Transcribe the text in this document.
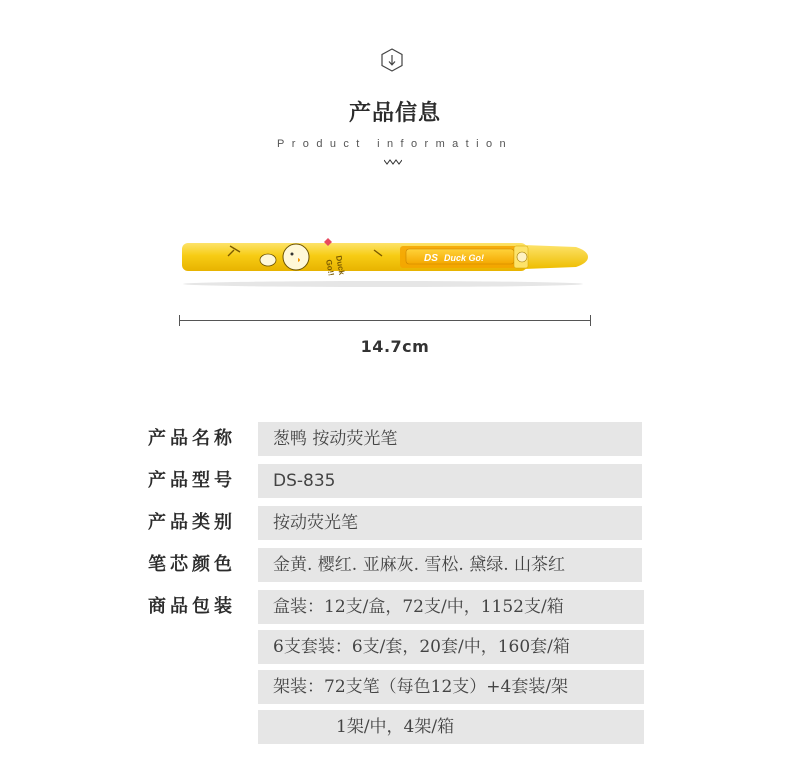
产品信息
Product information
DS Duck Go!
Duck
Go!!
14.7cm
产品名称	葱鸭 按动荧光笔
产品型号	DS-835
产品类别	按动荧光笔
笔芯颜色	金黄. 樱红. 亚麻灰. 雪松. 黛绿. 山茶红
商品包装	盒装：12支/盒，72支/中，1152支/箱
6支套装：6支/套，20套/中，160套/箱
架装：72支笔（每色12支）+4套装/架
1架/中，4架/箱
